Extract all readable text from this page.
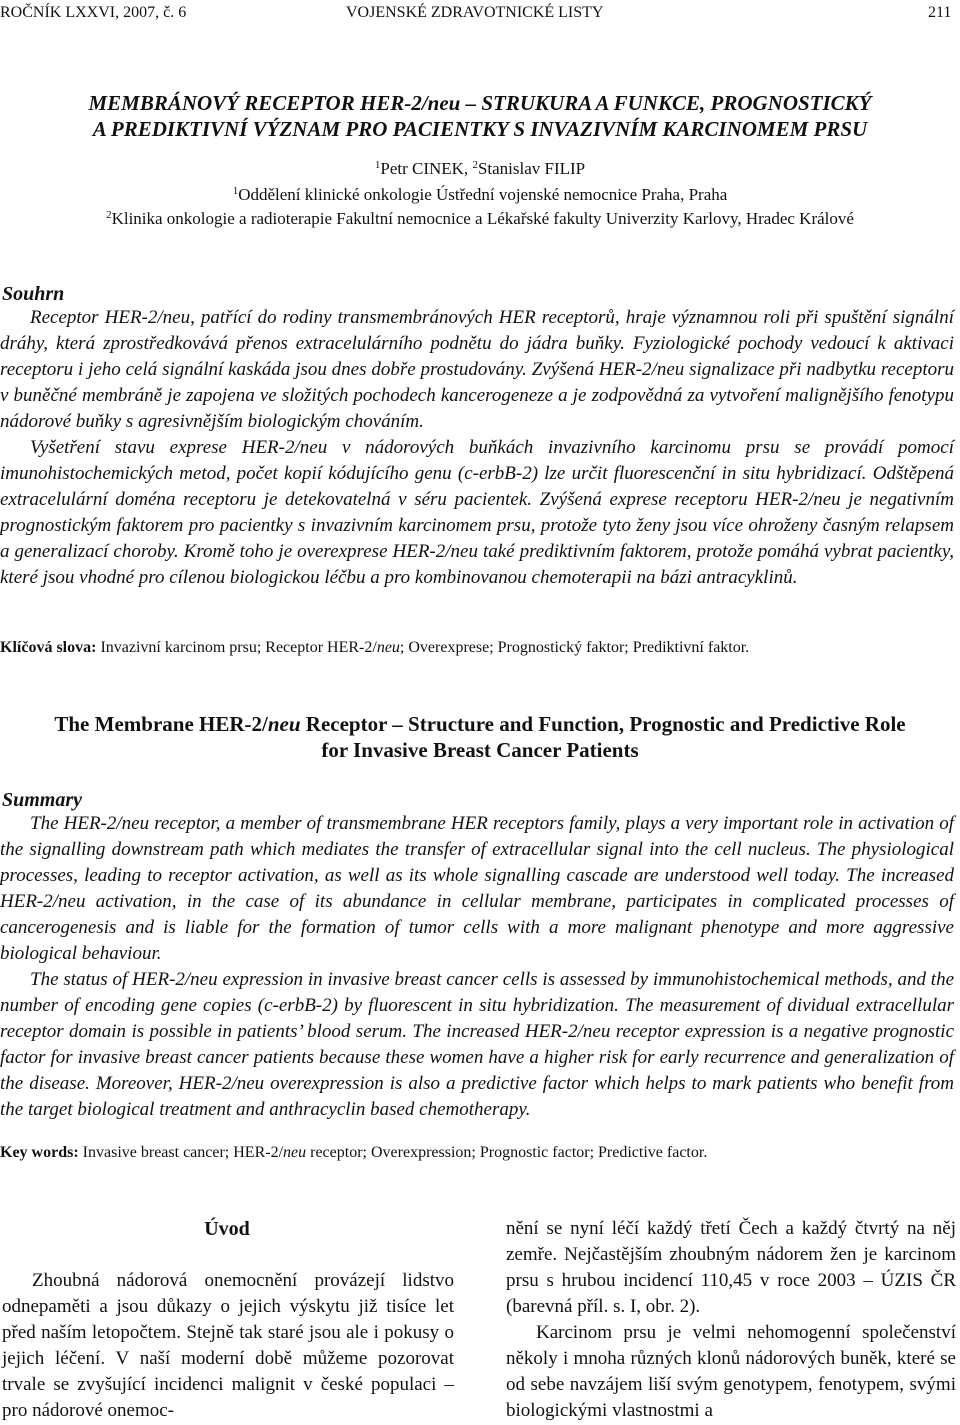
ROČNÍK LXXVI, 2007, č. 6	VOJENSKÉ ZDRAVOTNICKÉ LISTY	211
MEMBRÁNOVÝ RECEPTOR HER-2/neu – STRUKURA A FUNKCE, PROGNOSTICKÝ
A PREDIKTIVNÍ VÝZNAM PRO PACIENTKY S INVAZIVNÍM KARCINOMEM PRSU
$^1$Petr CINEK, $^2$Stanislav FILIP
$^1$Oddělení klinické onkologie Ústřední vojenské nemocnice Praha, Praha
$^2$Klinika onkologie a radioterapie Fakultní nemocnice a Lékařské fakulty Univerzity Karlovy, Hradec Králové
Souhrn

Receptor HER-2/neu, patřící do rodiny transmembránových HER receptorů, hraje významnou roli při spuštění signální dráhy, která zprostředkovává přenos extracelulárního podnětu do jádra buňky. Fyziologické pochody vedoucí k aktivaci receptoru i jeho celá signální kaskáda jsou dnes dobře prostudovány. Zvýšená HER-2/neu signalizace při nadbytku receptoru v buněčné membráně je zapojena ve složitých pochodech kancerogeneze a je zodpovědná za vytvoření malignějšího fenotypu nádorové buňky s agresivnějším biologickým chováním.

Vyšetření stavu exprese HER-2/neu v nádorových buňkách invazivního karcinomu prsu se provádí pomocí imunohistochemických metod, počet kopií kódujícího genu (c-erbB-2) lze určit fluorescenční in situ hybridizací. Odštěpená extracelulární doména receptoru je detekovatelná v séru pacientek. Zvýšená exprese receptoru HER-2/neu je negativním prognostickým faktorem pro pacientky s invazivním karcinomem prsu, protože tyto ženy jsou více ohroženy časným relapsem a generalizací choroby. Kromě toho je overexprese HER-2/neu také prediktivním faktorem, protože pomáhá vybrat pacientky, které jsou vhodné pro cílenou biologickou léčbu a pro kombinovanou chemoterapii na bázi antracyklinů.

Klíčová slova: Invazivní karcinom prsu; Receptor HER-2/neu; Overexprese; Prognostický faktor; Prediktivní faktor.
The Membrane HER-2/neu Receptor – Structure and Function, Prognostic and Predictive Role
for Invasive Breast Cancer Patients
Summary

The HER-2/neu receptor, a member of transmembrane HER receptors family, plays a very important role in activation of the signalling downstream path which mediates the transfer of extracellular signal into the cell nucleus. The physiological processes, leading to receptor activation, as well as its whole signalling cascade are understood well today. The increased HER-2/neu activation, in the case of its abundance in cellular membrane, participates in complicated processes of cancerogenesis and is liable for the formation of tumor cells with a more malignant phenotype and more aggressive biological behaviour.

The status of HER-2/neu expression in invasive breast cancer cells is assessed by immunohistochemical methods, and the number of encoding gene copies (c-erbB-2) by fluorescent in situ hybridization. The measurement of dividual extracellular receptor domain is possible in patients’ blood serum. The increased HER-2/neu receptor expression is a negative prognostic factor for invasive breast cancer patients because these women have a higher risk for early recurrence and generalization of the disease. Moreover, HER-2/neu overexpression is also a predictive factor which helps to mark patients who benefit from the target biological treatment and anthracyclin based chemotherapy.

Key words: Invasive breast cancer; HER-2/neu receptor; Overexpression; Prognostic factor; Predictive factor.
Úvod

Zhoubná nádorová onemocnění provázejí lidstvo odnepaměti a jsou důkazy o jejich výskytu již tisíce let před naším letopočtem. Stejně tak staré jsou ale i pokusy o jejich léčení. V naší moderní době můžeme pozorovat trvale se zvyšující incidenci malignit v české populaci – pro nádorové onemoc-

nění se nyní léčí každý třetí Čech a každý čtvrtý na něj zemře. Nejčastějším zhoubným nádorem žen je karcinom prsu s hrubou incidencí 110,45 v roce 2003 – ÚZIS ČR (barevná příl. s. I, obr. 2).

Karcinom prsu je velmi nehomogenní společenství několy i mnoha různých klonů nádorových buněk, které se od sebe navzájem liší svým genotypem, fenotypem, svými biologickými vlastnostmi a
